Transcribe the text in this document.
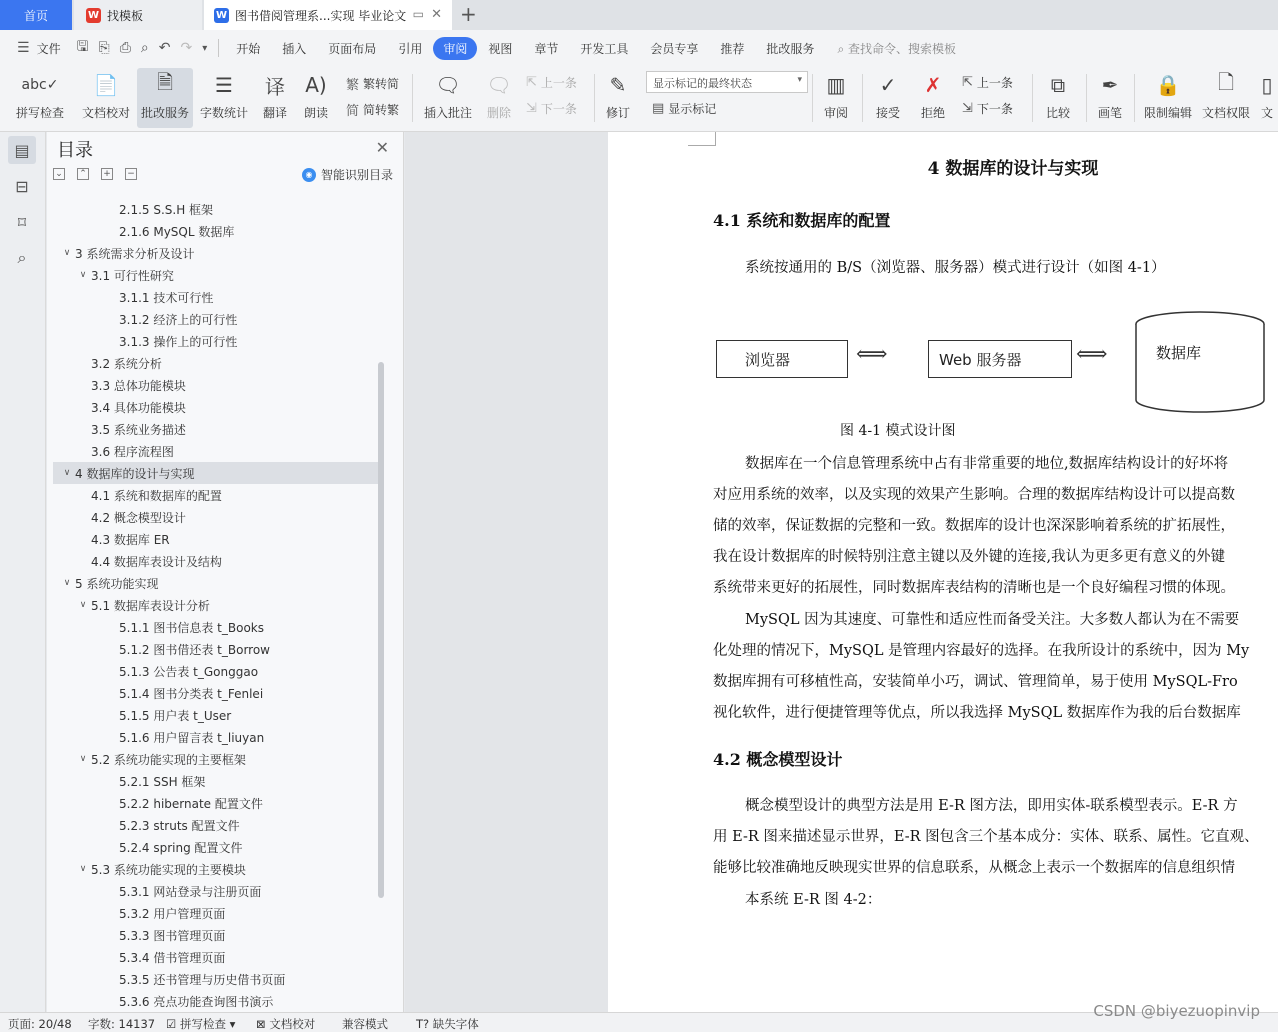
首页	W 找模板	W 图书借阅管理系...实现 毕业论文 ▭ ✕ +
☰ 文件	🖫 ⎘ ⎙ ⌕ ↶ ↷	▾	开始	插入	页面布局	引用	审阅	视图	章节	开发工具	会员专享	推荐	批改服务	⌕ 查找命令、搜索模板
abc✓
拼写检查
📄
文档校对
🗎
批改服务
☰
字数统计
译
翻译
A)
朗读
繁 繁转简
简 简转繁
🗨
插入批注
🗨
删除
⇱ 上一条
⇲ 下一条
✎
修订
显示标记的最终状态	▾
▤ 显示标记
▥
审阅
✓
接受
✗
拒绝
⇱ 上一条
⇲ 下一条
⧉
比较
✒
画笔
🔒
限制编辑
🗋
文档权限
▯
文
▤
⊟
⌑
⌕
目录	✕
⌄ ⌃ + −	◉ 智能识别目录
2.1.5 S.S.H 框架
2.1.6 MySQL 数据库
∨ 3 系统需求分析及设计
∨ 3.1 可行性研究
3.1.1 技术可行性
3.1.2 经济上的可行性
3.1.3 操作上的可行性
3.2 系统分析
3.3 总体功能模块
3.4 具体功能模块
3.5 系统业务描述
3.6 程序流程图
∨ 4 数据库的设计与实现
4.1 系统和数据库的配置
4.2 概念模型设计
4.3 数据库 ER
4.4 数据库表设计及结构
∨ 5 系统功能实现
∨ 5.1 数据库表设计分析
5.1.1 图书信息表 t_Books
5.1.2 图书借还表 t_Borrow
5.1.3 公告表 t_Gonggao
5.1.4 图书分类表 t_Fenlei
5.1.5 用户表 t_User
5.1.6 用户留言表 t_liuyan
∨ 5.2 系统功能实现的主要框架
5.2.1 SSH 框架
5.2.2 hibernate 配置文件
5.2.3 struts 配置文件
5.2.4 spring 配置文件
∨ 5.3 系统功能实现的主要模块
5.3.1 网站登录与注册页面
5.3.2 用户管理页面
5.3.3 图书管理页面
5.3.4 借书管理页面
5.3.5 还书管理与历史借书页面
5.3.6 亮点功能查询图书演示
4 数据库的设计与实现
4.1 系统和数据库的配置
系统按通用的 B/S（浏览器、服务器）模式进行设计（如图 4-1）
浏览器	⟺	Web 服务器 ⟺	数据库
图 4-1 模式设计图
数据库在一个信息管理系统中占有非常重要的地位,数据库结构设计的好坏将
对应用系统的效率，以及实现的效果产生影响。合理的数据库结构设计可以提高数
储的效率，保证数据的完整和一致。数据库的设计也深深影响着系统的扩拓展性，
我在设计数据库的时候特别注意主键以及外键的连接,我认为更多更有意义的外键
系统带来更好的拓展性，同时数据库表结构的清晰也是一个良好编程习惯的体现。
MySQL 因为其速度、可靠性和适应性而备受关注。大多数人都认为在不需要
化处理的情况下，MySQL 是管理内容最好的选择。在我所设计的系统中，因为 My
数据库拥有可移植性高，安装简单小巧，调试、管理简单，易于使用 MySQL-Fro
视化软件，进行便捷管理等优点，所以我选择 MySQL 数据库作为我的后台数据库
4.2 概念模型设计
概念模型设计的典型方法是用 E-R 图方法，即用实体-联系模型表示。E-R 方
用 E-R 图来描述显示世界，E-R 图包含三个基本成分：实体、联系、属性。它直观、
能够比较准确地反映现实世界的信息联系，从概念上表示一个数据库的信息组织情
本系统 E-R 图 4-2：
页面: 20/48 字数: 14137 ☑ 拼写检查 ▾ ⊠ 文档校对 兼容模式 T? 缺失字体
CSDN @biyezuopinvip
